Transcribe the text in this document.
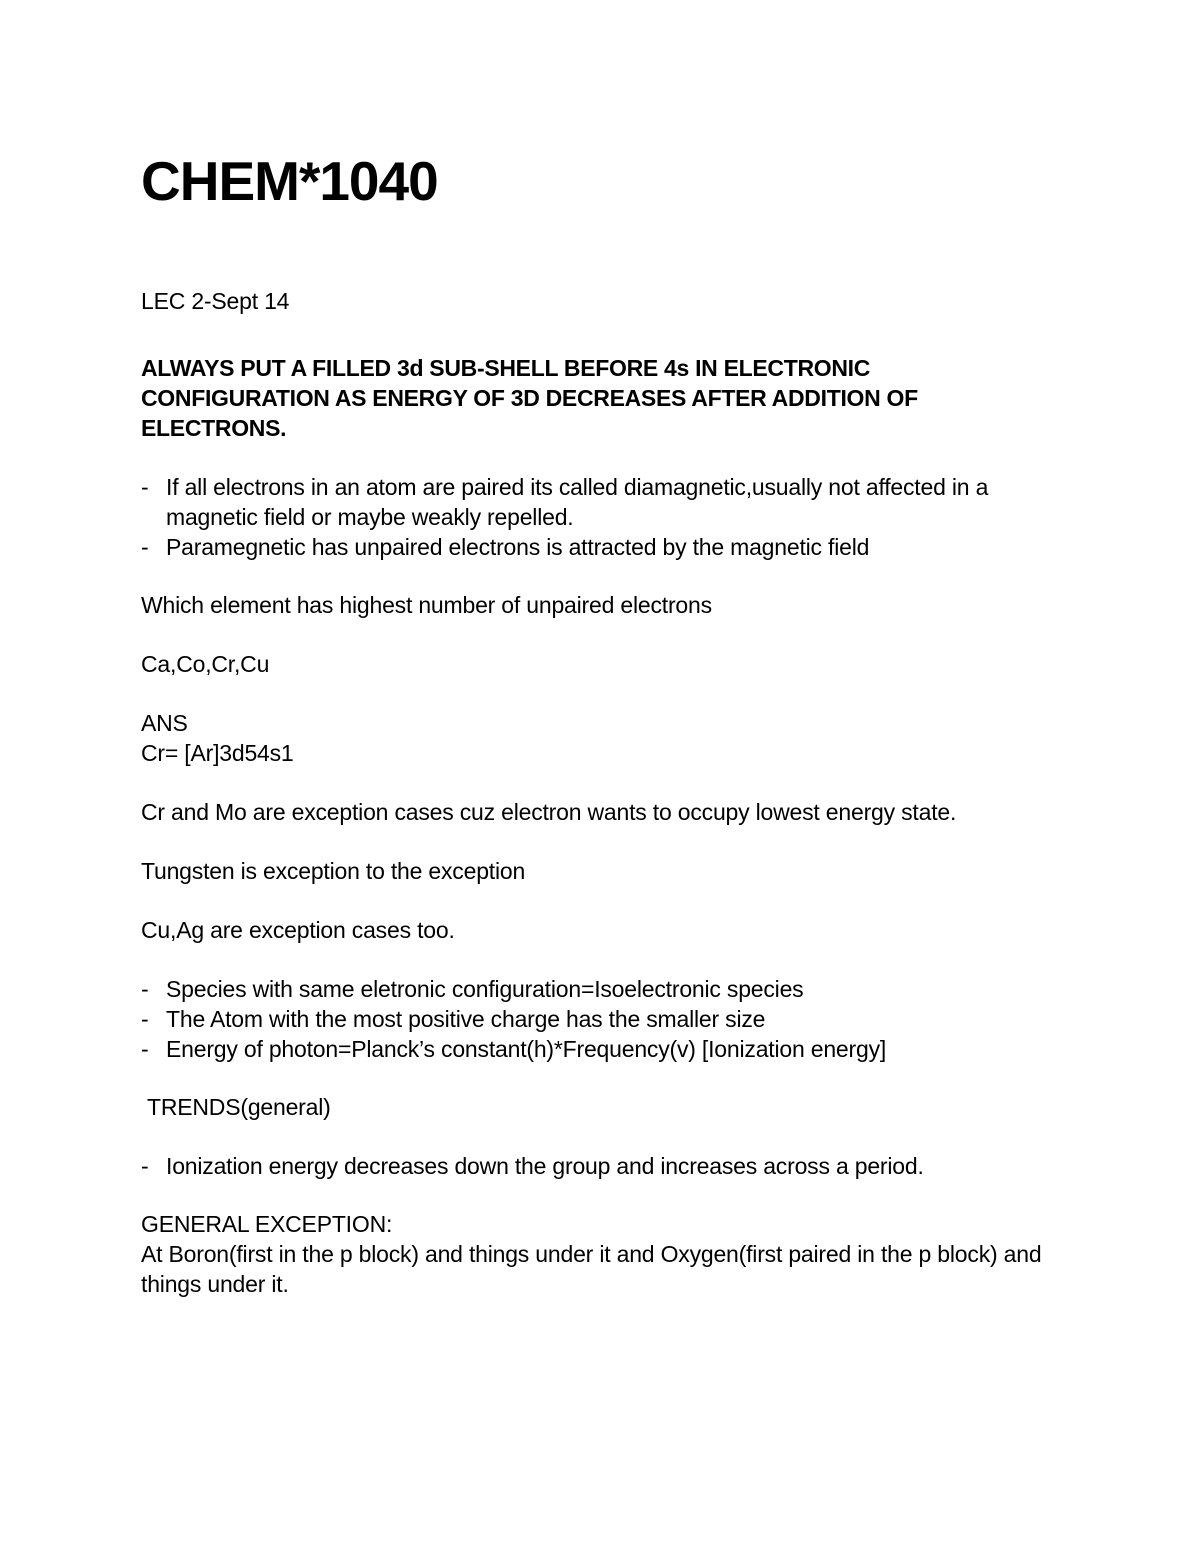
CHEM*1040

LEC 2-Sept 14

ALWAYS PUT A FILLED 3d SUB-SHELL BEFORE 4s IN ELECTRONIC CONFIGURATION AS ENERGY OF 3D DECREASES AFTER ADDITION OF ELECTRONS.

- If all electrons in an atom are paired its called diamagnetic,usually not affected in a magnetic field or maybe weakly repelled.
- Paramegnetic has unpaired electrons is attracted by the magnetic field

Which element has highest number of unpaired electrons

Ca,Co,Cr,Cu

ANS

Cr= [Ar]3d54s1

Cr and Mo are exception cases cuz electron wants to occupy lowest energy state.

Tungsten is exception to the exception

Cu,Ag are exception cases too.

- Species with same eletronic configuration=Isoelectronic species
- The Atom with the most positive charge has the smaller size
- Energy of photon=Planck’s constant(h)*Frequency(v) [Ionization energy]

TRENDS(general)

- Ionization energy decreases down the group and increases across a period.

GENERAL EXCEPTION:

At Boron(first in the p block) and things under it and Oxygen(first paired in the p block) and things under it.
